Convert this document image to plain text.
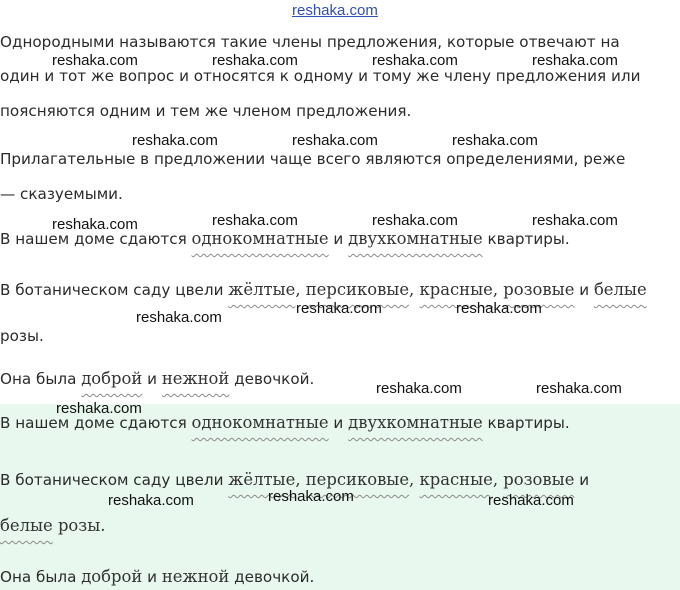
reshaka.com
Однородными называются такие члены предложения, которые отвечают на
один и тот же вопрос и относятся к одному и тому же члену предложения или
поясняются одним и тем же членом предложения.
Прилагательные в предложении чаще всего являются определениями, реже
— сказуемыми.
В нашем доме сдаются однокомнатные и двухкомнатные квартиры.
В ботаническом саду цвели жёлтые, персиковые, красные, розовые и белые
розы.
Она была доброй и нежной девочкой.
В нашем доме сдаются однокомнатные и двухкомнатные квартиры.
В ботаническом саду цвели жёлтые, персиковые, красные, розовые и
белые розы.
Она была доброй и нежной девочкой.
reshaka.com	reshaka.com	reshaka.com	reshaka.com
reshaka.com	reshaka.com	reshaka.com
reshaka.com	reshaka.com	reshaka.com	reshaka.com
reshaka.com
reshaka.com	reshaka.com
reshaka.com	reshaka.com
reshaka.com
reshaka.com	reshaka.com	reshaka.com
